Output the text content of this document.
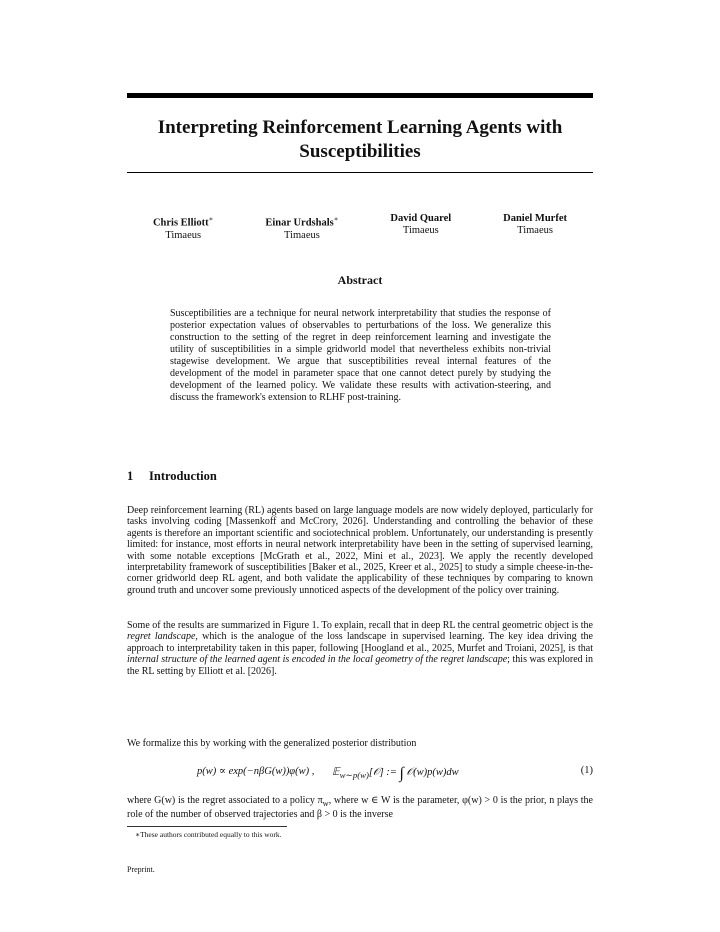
Interpreting Reinforcement Learning Agents with Susceptibilities
Chris Elliott∗
Timaeus
Einar Urdshals∗
Timaeus
David Quarel
Timaeus
Daniel Murfet
Timaeus
Abstract

Susceptibilities are a technique for neural network interpretability that studies the response of posterior expectation values of observables to perturbations of the loss. We generalize this construction to the setting of the regret in deep reinforcement learning and investigate the utility of susceptibilities in a simple gridworld model that nevertheless exhibits non-trivial stagewise development. We argue that susceptibilities reveal internal features of the development of the model in parameter space that one cannot detect purely by studying the development of the learned policy. We validate these results with activation-steering, and discuss the framework's extension to RLHF post-training.

1 Introduction

Deep reinforcement learning (RL) agents based on large language models are now widely deployed, particularly for tasks involving coding [Massenkoff and McCrory, 2026]. Understanding and controlling the behavior of these agents is therefore an important scientific and sociotechnical problem. Unfortunately, our understanding is presently limited: for instance, most efforts in neural network interpretability have been in the setting of supervised learning, with some notable exceptions [McGrath et al., 2022, Mini et al., 2023]. We apply the recently developed interpretability framework of susceptibilities [Baker et al., 2025, Kreer et al., 2025] to study a simple cheese-in-the-corner gridworld deep RL agent, and both validate the applicability of these techniques by comparing to known ground truth and uncover some previously unnoticed aspects of the development of the policy over training.

Some of the results are summarized in Figure 1. To explain, recall that in deep RL the central geometric object is the regret landscape, which is the analogue of the loss landscape in supervised learning. The key idea driving the approach to interpretability taken in this paper, following [Hoogland et al., 2025, Murfet and Troiani, 2025], is that internal structure of the learned agent is encoded in the local geometry of the regret landscape; this was explored in the RL setting by Elliott et al. [2026].

We formalize this by working with the generalized posterior distribution

p(w) ∝ exp(−nβG(w))φ(w) , 𝔼$_{w\sim p(w)}$[𝒪] := ∫ 𝒪(w)p(w)dw	(1)

where G(w) is the regret associated to a policy $\pi_w$, where w ∈ W is the parameter, φ(w) > 0 is the prior, n plays the role of the number of observed trajectories and β > 0 is the inverse

∗These authors contributed equally to this work.

Preprint.
